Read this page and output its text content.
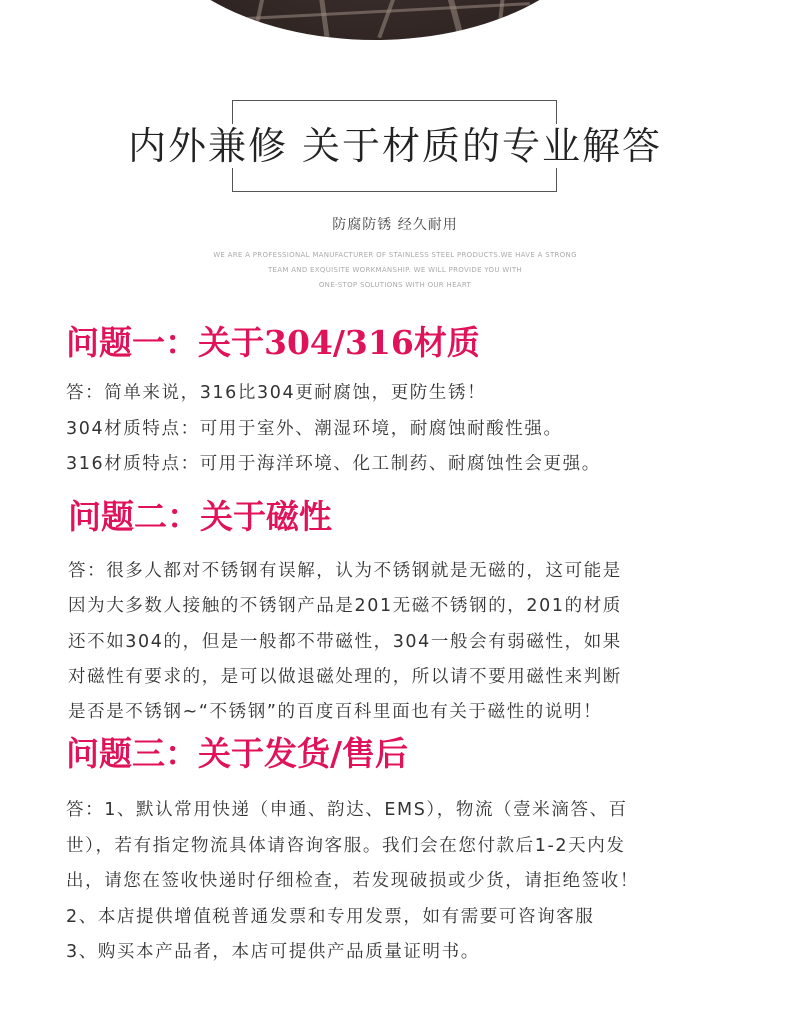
内外兼修 关于材质的专业解答
防腐防锈 经久耐用
WE ARE A PROFESSIONAL MANUFACTURER OF STAINLESS STEEL PRODUCTS.WE HAVE A STRONG
TEAM AND EXQUISITE WORKMANSHIP. WE WILL PROVIDE YOU WITH
ONE-STOP SOLUTIONS WITH OUR HEART
问题一：关于304/316材质
答：简单来说，316比304更耐腐蚀，更防生锈！
304材质特点：可用于室外、潮湿环境，耐腐蚀耐酸性强。
316材质特点：可用于海洋环境、化工制药、耐腐蚀性会更强。
问题二：关于磁性
答：很多人都对不锈钢有误解，认为不锈钢就是无磁的，这可能是
因为大多数人接触的不锈钢产品是201无磁不锈钢的，201的材质
还不如304的，但是一般都不带磁性，304一般会有弱磁性，如果
对磁性有要求的，是可以做退磁处理的，所以请不要用磁性来判断
是否是不锈钢~“不锈钢”的百度百科里面也有关于磁性的说明！
问题三：关于发货/售后
答：1、默认常用快递（申通、韵达、EMS），物流（壹米滴答、百
世），若有指定物流具体请咨询客服。我们会在您付款后1-2天内发
出，请您在签收快递时仔细检查，若发现破损或少货，请拒绝签收！
2、本店提供增值税普通发票和专用发票，如有需要可咨询客服
3、购买本产品者，本店可提供产品质量证明书。
